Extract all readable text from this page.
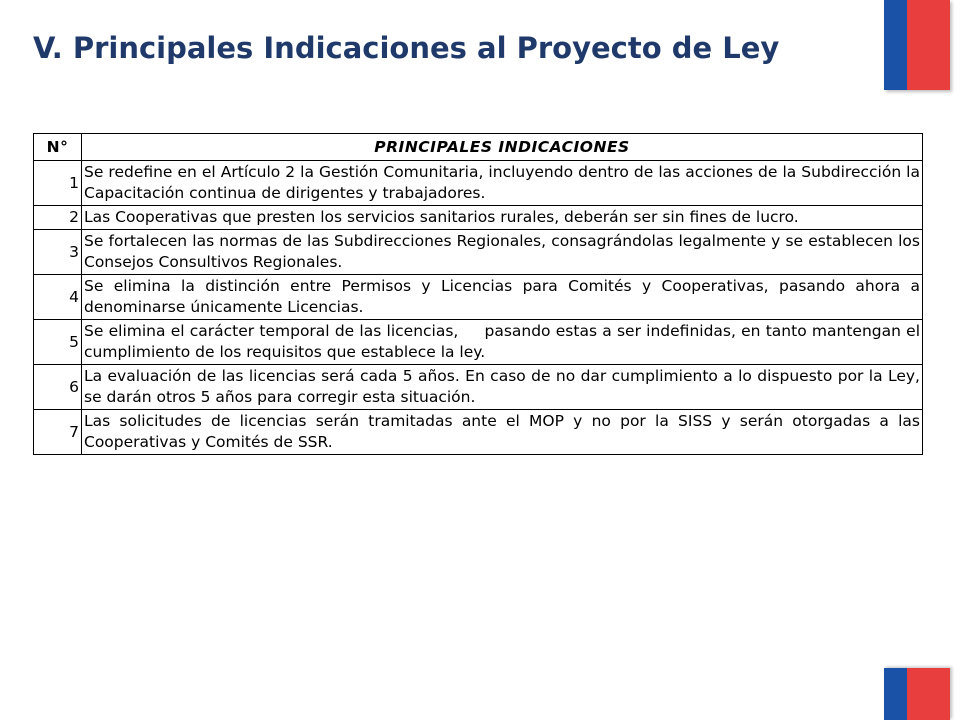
V. Principales Indicaciones al Proyecto de Ley
N°	PRINCIPALES INDICACIONES
1	Se redefine en el Artículo 2 la Gestión Comunitaria, incluyendo dentro de las acciones de la Subdirección la Capacitación continua de dirigentes y trabajadores.
2	Las Cooperativas que presten los servicios sanitarios rurales, deberán ser sin fines de lucro.
3	Se fortalecen las normas de las Subdirecciones Regionales, consagrándolas legalmente y se establecen los Consejos Consultivos Regionales.
4	Se elimina la distinción entre Permisos y Licencias para Comités y Cooperativas, pasando ahora a denominarse únicamente Licencias.
5	Se elimina el carácter temporal de las licencias,     pasando estas a ser indefinidas, en tanto mantengan el cumplimiento de los requisitos que establece la ley.
6	La evaluación de las licencias será cada 5 años. En caso de no dar cumplimiento a lo dispuesto por la Ley, se darán otros 5 años para corregir esta situación.
7	Las solicitudes de licencias serán tramitadas ante el MOP y no por la SISS y serán otorgadas a las Cooperativas y Comités de SSR.
